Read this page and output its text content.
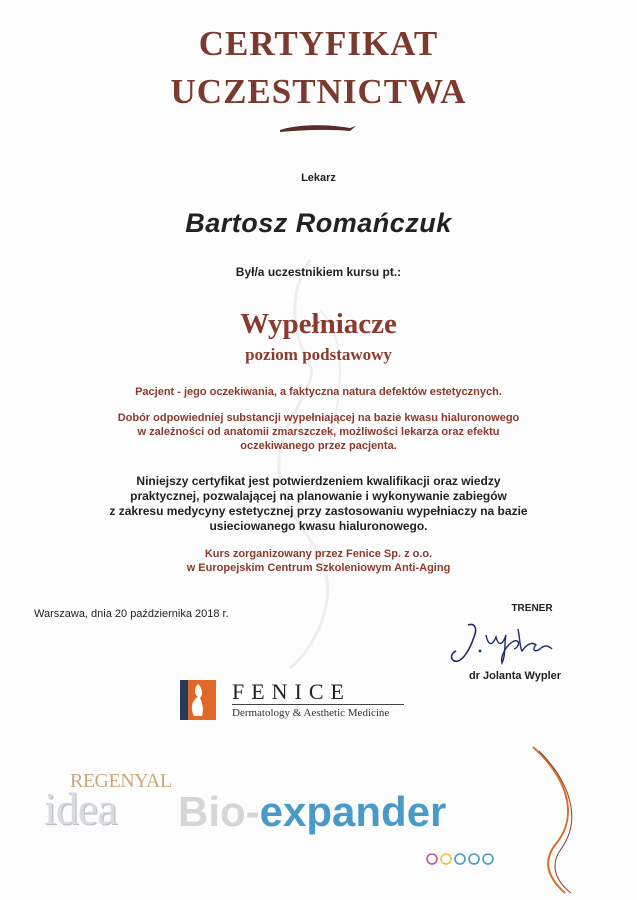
CERTYFIKAT
UCZESTNICTWA
Lekarz
Bartosz Romańczuk
Był/a uczestnikiem kursu pt.:
Wypełniacze
poziom podstawowy
Pacjent - jego oczekiwania, a faktyczna natura defektów estetycznych.
Dobór odpowiedniej substancji wypełniającej na bazie kwasu hialuronowego
w zależności od anatomii zmarszczek, możliwości lekarza oraz efektu
oczekiwanego przez pacjenta.
Niniejszy certyfikat jest potwierdzeniem kwalifikacji oraz wiedzy
praktycznej, pozwalającej na planowanie i wykonywanie zabiegów
z zakresu medycyny estetycznej przy zastosowaniu wypełniaczy na bazie
usieciowanego kwasu hialuronowego.
Kurs zorganizowany przez Fenice Sp. z o.o.
w Europejskim Centrum Szkoleniowym Anti-Aging
Warszawa, dnia 20 października 2018 r.	TRENER
dr Jolanta Wypler
FENICE
Dermatology & Aesthetic Medicine
REGENYAL
idea Bio-expander
